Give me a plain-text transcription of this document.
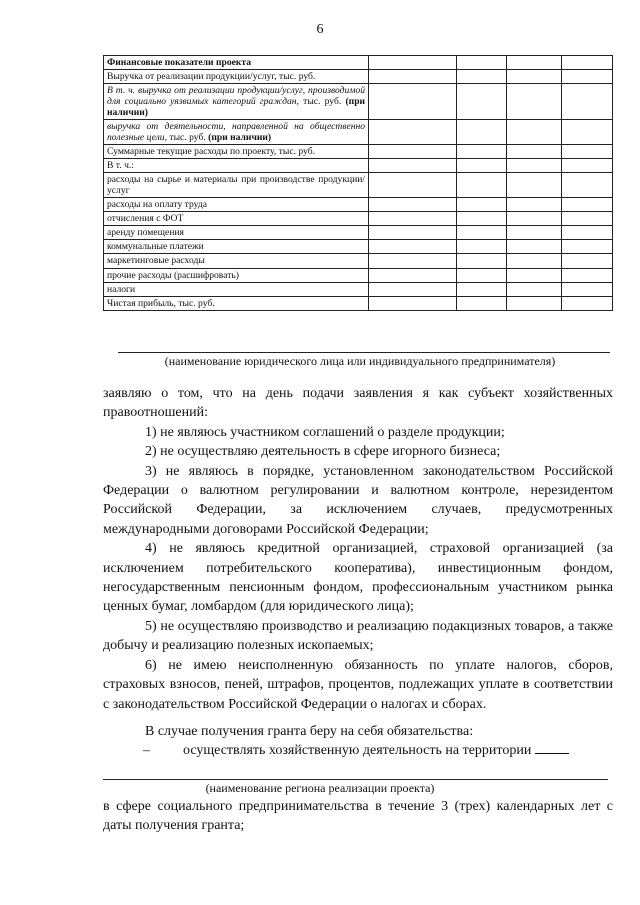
6
Финансовые показатели проекта				
Выручка от реализации продукции/услуг, тыс. руб.				

В т. ч. выручка от реализации продукции/услуг, производимой для социально уязвимых категорий граждан, тыс. руб. (при наличии)				

выручка от деятельности, направленной на общественно полезные цели, тыс. руб. (при наличии)				

Суммарные текущие расходы по проекту, тыс. руб.				
В т. ч.:				
расходы на сырье и материалы при производстве продукции/услуг				
расходы на оплату труда				
отчисления с ФОТ				
аренду помещения				
коммунальные платежи				
маркетинговые расходы				
прочие расходы (расшифровать)				
налоги				
Чистая прибыль, тыс. руб.				
(наименование юридического лица или индивидуального предпринимателя)

заявляю о том, что на день подачи заявления я как субъект хозяйственных правоотношений:

1) не являюсь участником соглашений о разделе продукции;

2) не осуществляю деятельность в сфере игорного бизнеса;

3) не являюсь в порядке, установленном законодательством Российской Федерации о валютном регулировании и валютном контроле, нерезидентом Российской Федерации, за исключением случаев, предусмотренных международными договорами Российской Федерации;

4) не являюсь кредитной организацией, страховой организацией (за исключением потребительского кооператива), инвестиционным фондом, негосударственным пенсионным фондом, профессиональным участником рынка ценных бумаг, ломбардом (для юридического лица);

5) не осуществляю производство и реализацию подакцизных товаров, а также добычу и реализацию полезных ископаемых;

6) не имею неисполненную обязанность по уплате налогов, сборов, страховых взносов, пеней, штрафов, процентов, подлежащих уплате в соответствии с законодательством Российской Федерации о налогах и сборах.

В случае получения гранта беру на себя обязательства:

– осуществлять хозяйственную деятельность на территории

(наименование региона реализации проекта)

в сфере социального предпринимательства в течение 3 (трех) календарных лет с даты получения гранта;
